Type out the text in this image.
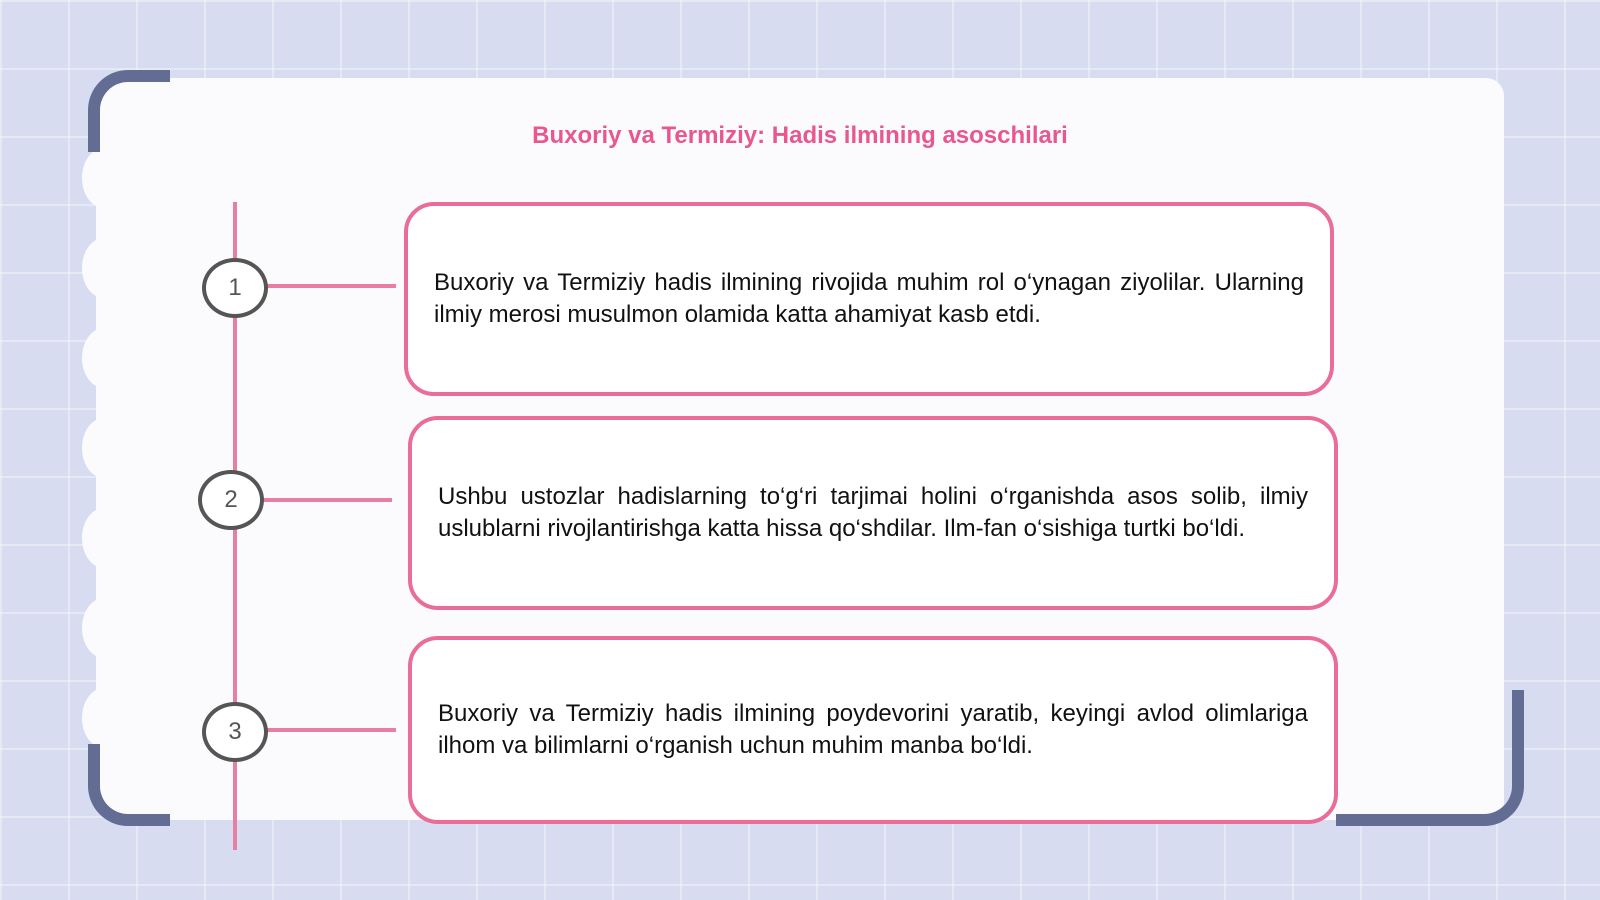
Buxoriy va Termiziy: Hadis ilmining asoschilari
1
2
3

Buxoriy va Termiziy hadis ilmining rivojida muhim rol o‘ynagan ziyolilar. Ularning ilmiy merosi musulmon olamida katta ahamiyat kasb etdi.

Ushbu ustozlar hadislarning to‘g‘ri tarjimai holini o‘rganishda asos solib, ilmiy uslublarni rivojlantirishga katta hissa qo‘shdilar. Ilm-fan o‘sishiga turtki bo‘ldi.

Buxoriy va Termiziy hadis ilmining poydevorini yaratib, keyingi avlod olimlariga ilhom va bilimlarni o‘rganish uchun muhim manba bo‘ldi.
